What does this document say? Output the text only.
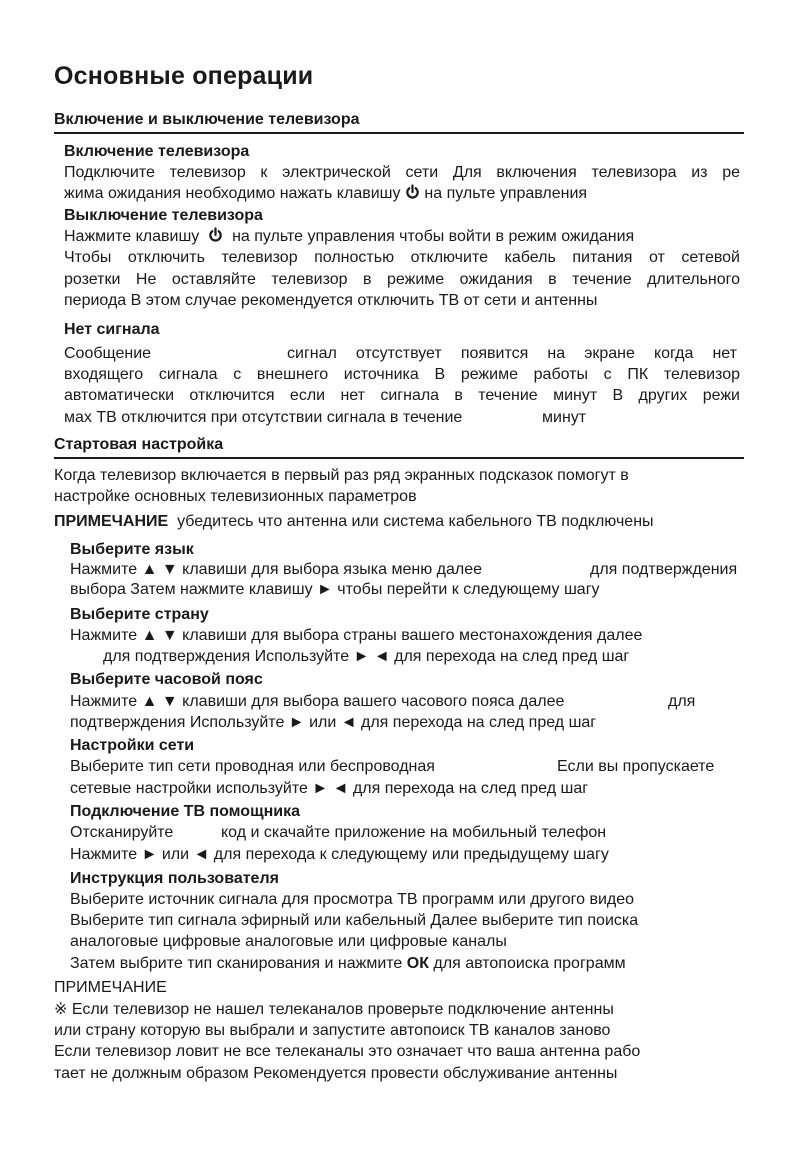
Основные операции
Включение и выключение телевизора
Включение телевизора
Подключите телевизор к электрической сети Для включения телевизора из ре
жима ожидания необходимо нажать клавишу на пульте управления
Выключение телевизора
Нажмите клавишу на пульте управления чтобы войти в режим ожидания
Чтобы отключить телевизор полностью отключите кабель питания от сетевой
розетки Не оставляйте телевизор в режиме ожидания в течение длительного
периода В этом случае рекомендуется отключить ТВ от сети и антенны
Нет сигнала
Сообщение	сигнал отсутствует появится на экране когда нет
входящего сигнала с внешнего источника В режиме работы с ПК телевизор
автоматически отключится если нет сигнала в течение минут В других режи
мах ТВ отключится при отсутствии сигнала в течение	минут
Стартовая настройка
Когда телевизор включается в первый раз ряд экранных подсказок помогут в
настройке основных телевизионных параметров
ПРИМЕЧАНИЕ убедитесь что антенна или система кабельного ТВ подключены
Выберите язык
Нажмите ▲ ▼ клавиши для выбора языка меню далее	для подтверждения
выбора Затем нажмите клавишу ► чтобы перейти к следующему шагу
Выберите страну
Нажмите ▲ ▼ клавиши для выбора страны вашего местонахождения далее
для подтверждения Используйте ► ◄ для перехода на след пред шаг
Выберите часовой пояс
Нажмите ▲ ▼ клавиши для выбора вашего часового пояса далее	для
подтверждения Используйте ► или ◄ для перехода на след пред шаг
Настройки сети
Выберите тип сети проводная или беспроводная	Если вы пропускаете
сетевые настройки используйте ► ◄ для перехода на след пред шаг
Подключение ТВ помощника
Отсканируйте	код и скачайте приложение на мобильный телефон
Нажмите ► или ◄ для перехода к следующему или предыдущему шагу
Инструкция пользователя
Выберите источник сигнала для просмотра ТВ программ или другого видео
Выберите тип сигнала эфирный или кабельный Далее выберите тип поиска
аналоговые цифровые аналоговые или цифровые каналы
Затем выбрите тип сканирования и нажмите ОК для автопоиска программ
ПРИМЕЧАНИЕ
※ Если телевизор не нашел телеканалов проверьте подключение антенны
или страну которую вы выбрали и запустите автопоиск ТВ каналов заново
Если телевизор ловит не все телеканалы это означает что ваша антенна рабо
тает не должным образом Рекомендуется провести обслуживание антенны
